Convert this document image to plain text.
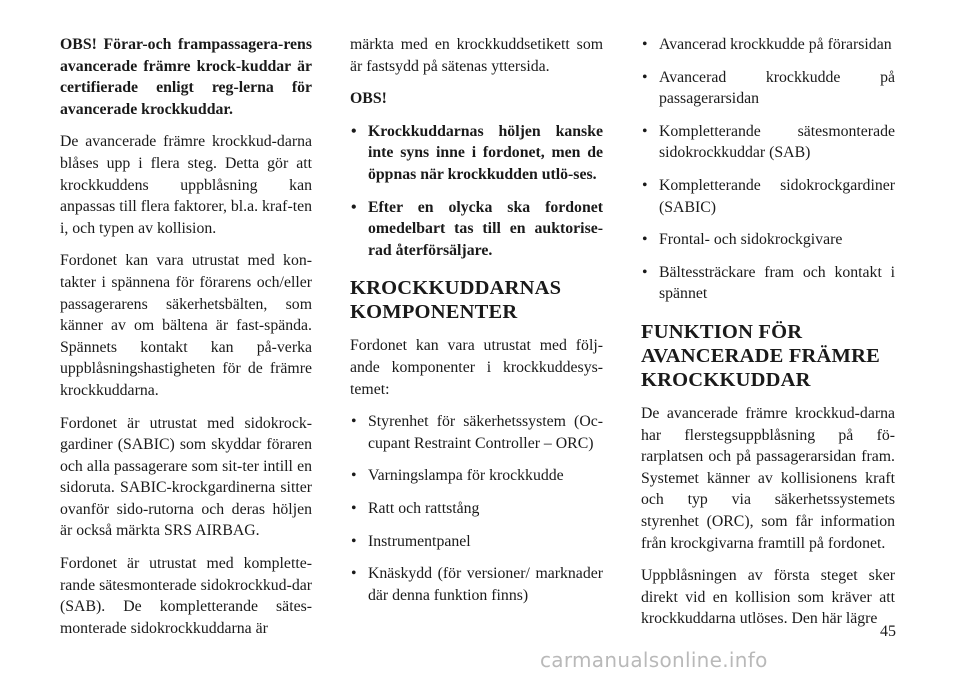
OBS! Förar-och frampassagera-rens avancerade främre krock-kuddar är certifierade enligt reg-lerna för avancerade krockkuddar.

De avancerade främre krockkud-darna blåses upp i flera steg. Detta gör att krockkuddens uppblåsning kan anpassas till flera faktorer, bl.a. kraf-ten i, och typen av kollision.

Fordonet kan vara utrustat med kon-takter i spännena för förarens och/eller passagerarens säkerhetsbälten, som känner av om bältena är fast-spända. Spännets kontakt kan på-verka uppblåsningshastigheten för de främre krockkuddarna.

Fordonet är utrustat med sidokrock-gardiner (SABIC) som skyddar föraren och alla passagerare som sit-ter intill en sidoruta. SABIC-krockgardinerna sitter ovanför sido-rutorna och deras höljen är också märkta SRS AIRBAG.

Fordonet är utrustat med komplette-rande sätesmonterade sidokrockkud-dar (SAB). De kompletterande sätes-monterade sidokrockkuddarna är

märkta med en krockkuddsetikett som är fastsydd på sätenas yttersida.

OBS!
• Krockkuddarnas höljen kanske inte syns inne i fordonet, men de öppnas när krockkudden utlö-ses.
• Efter en olycka ska fordonet omedelbart tas till en auktorise-rad återförsäljare.
KROCKKUDDARNAS
KOMPONENTER

Fordonet kan vara utrustat med följ-ande komponenter i krockkuddesys-temet:

• Styrenhet för säkerhetssystem (Oc-cupant Restraint Controller – ORC)
• Varningslampa för krockkudde
• Ratt och rattstång
• Instrumentpanel
• Knäskydd (för versioner/ marknader där denna funktion finns)
• Avancerad krockkudde på förarsidan
• Avancerad krockkudde på passagerarsidan
• Kompletterande sätesmonterade sidokrockkuddar (SAB)
• Kompletterande sidokrockgardiner (SABIC)
• Frontal- och sidokrockgivare
• Bältessträckare fram och kontakt i spännet
FUNKTION FÖR
AVANCERADE FRÄMRE
KROCKKUDDAR

De avancerade främre krockkud-darna har flerstegsuppblåsning på fö-rarplatsen och på passagerarsidan fram. Systemet känner av kollisionens kraft och typ via säkerhetssystemets styrenhet (ORC), som får information från krockgivarna framtill på fordonet.

Uppblåsningen av första steget sker direkt vid en kollision som kräver att krockkuddarna utlöses. Den här lägre

45
carmanualsonline.info
